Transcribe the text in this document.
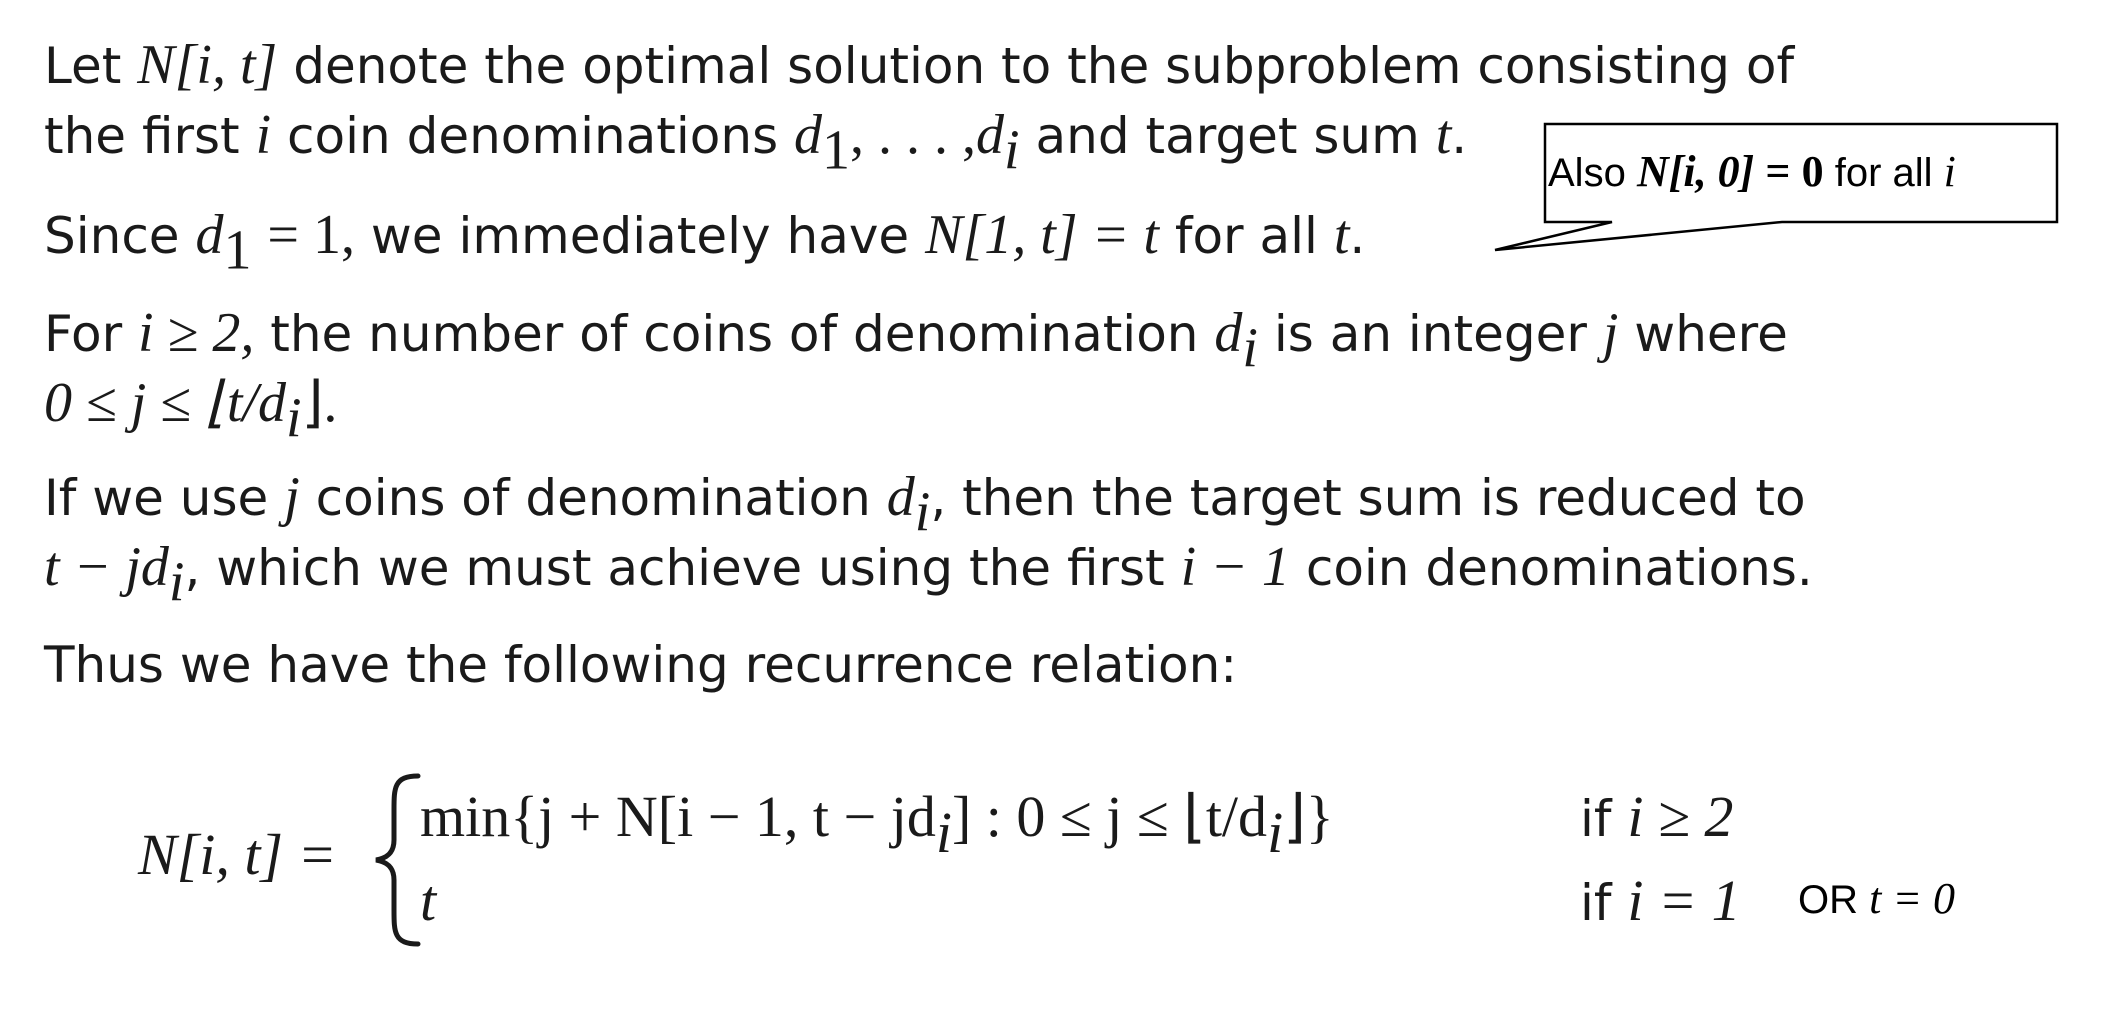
Let N[i, t] denote the optimal solution to the subproblem consisting of

the first i coin denominations $d_1$, . . . $,d_i$ and target sum t.

Since $d_1 = 1$, we immediately have N[1, t] = t for all t.

Also N[i, 0] = 0 for all i

For i ≥ 2, the number of coins of denomination $d_i$ is an integer j where

$0 \le j \le ⌊t/d_i⌋$.

If we use j coins of denomination $d_i$, then the target sum is reduced to

$t - jd_i$, which we must achieve using the first i − 1 coin denominations.

Thus we have the following recurrence relation:

N[i, t] =
min{j + N[i − 1, $t - jd_i$] : $0 \le j \le ⌊t/d_i⌋$}
t
if i ≥ 2
if i = 1 OR t = 0
